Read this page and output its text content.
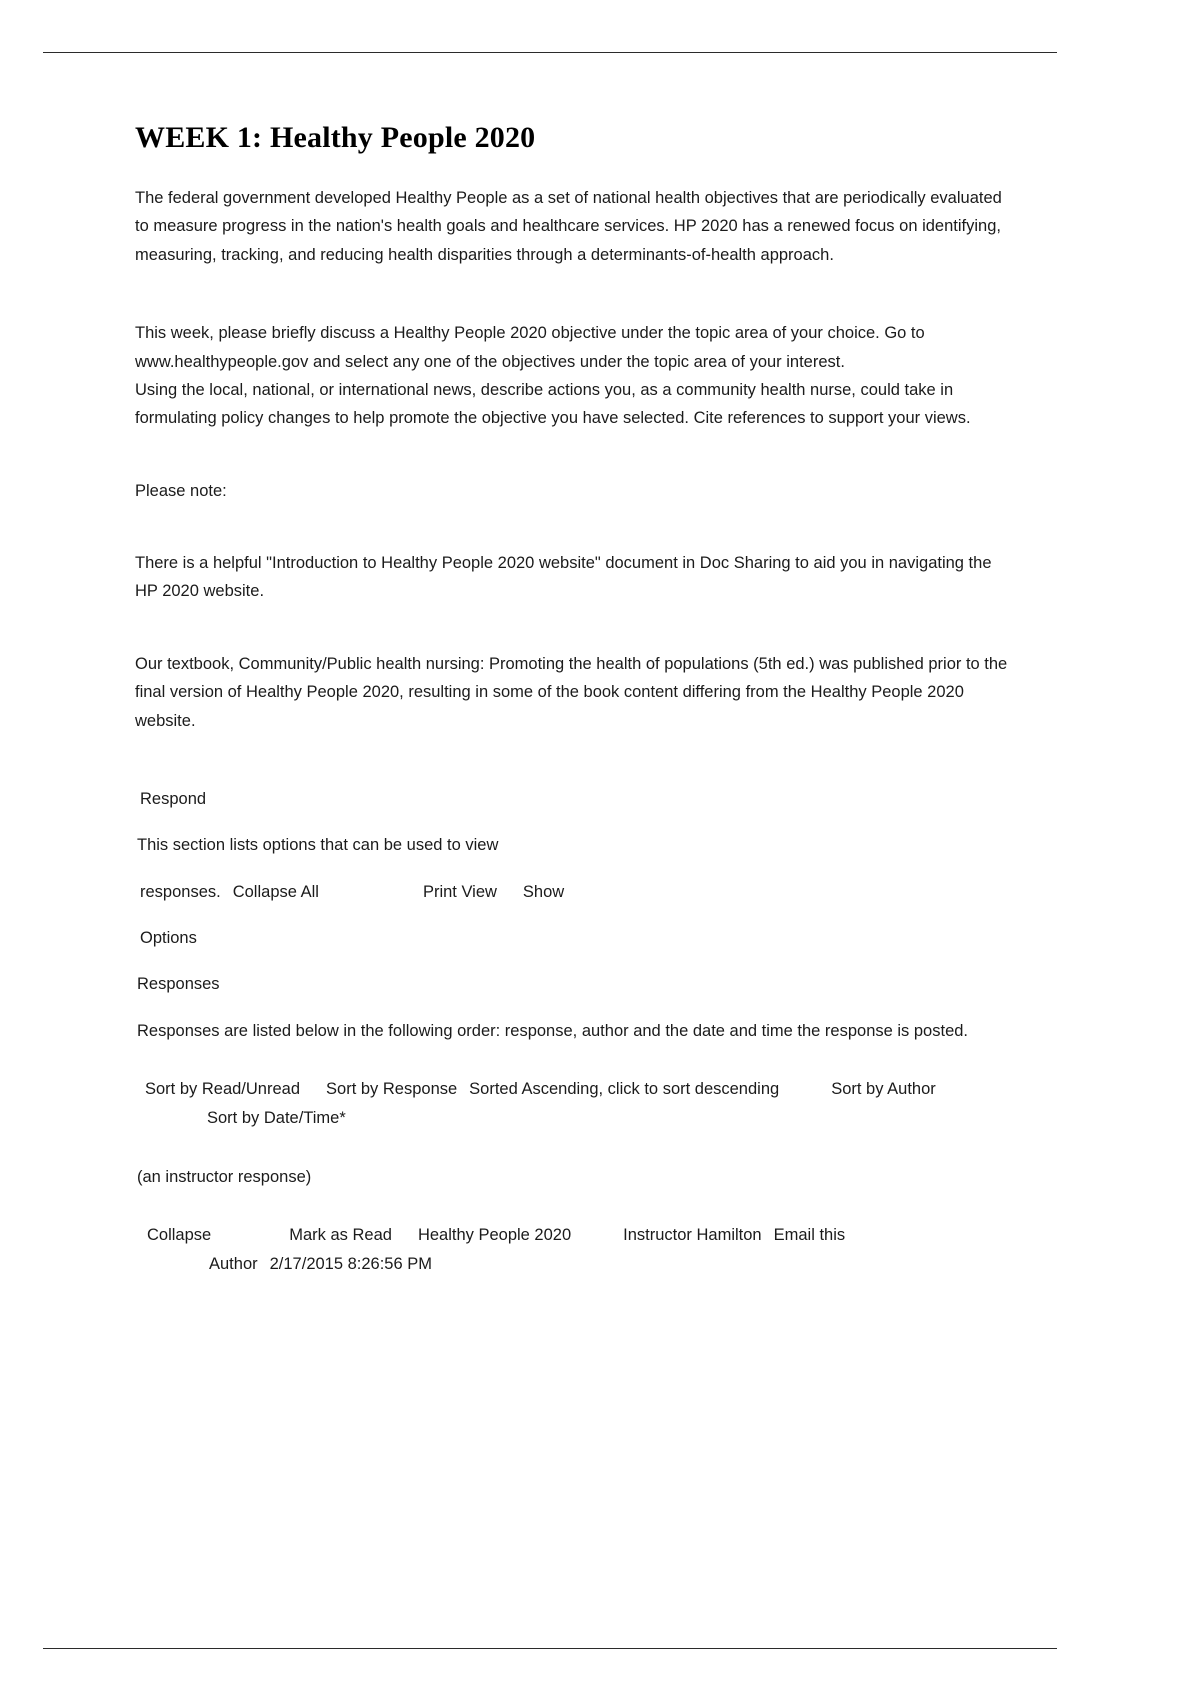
WEEK 1: Healthy People 2020

The federal government developed Healthy People as a set of national health objectives that are periodically evaluated to measure progress in the nation's health goals and healthcare services. HP 2020 has a renewed focus on identifying, measuring, tracking, and reducing health disparities through a determinants-of-health approach.

This week, please briefly discuss a Healthy People 2020 objective under the topic area of your choice. Go to www.healthypeople.gov and select any one of the objectives under the topic area of your interest.

Using the local, national, or international news, describe actions you, as a community health nurse, could take in formulating policy changes to help promote the objective you have selected. Cite references to support your views.

Please note:

There is a helpful "Introduction to Healthy People 2020 website" document in Doc Sharing to aid you in navigating the HP 2020 website.

Our textbook, Community/Public health nursing: Promoting the health of populations (5th ed.) was published prior to the final version of Healthy People 2020, resulting in some of the book content differing from the Healthy People 2020 website.

Respond
This section lists options that can be used to view
responses. Collapse All	Print View Show
Options
Responses

Responses are listed below in the following order: response, author and the date and time the response is posted.

Sort by Read/Unread Sort by Response Sorted Ascending, click to sort descending	Sort by Author
Sort by Date/Time*
(an instructor response)
Collapse	Mark as Read Healthy People 2020	Instructor Hamilton Email this
Author 2/17/2015 8:26:56 PM
